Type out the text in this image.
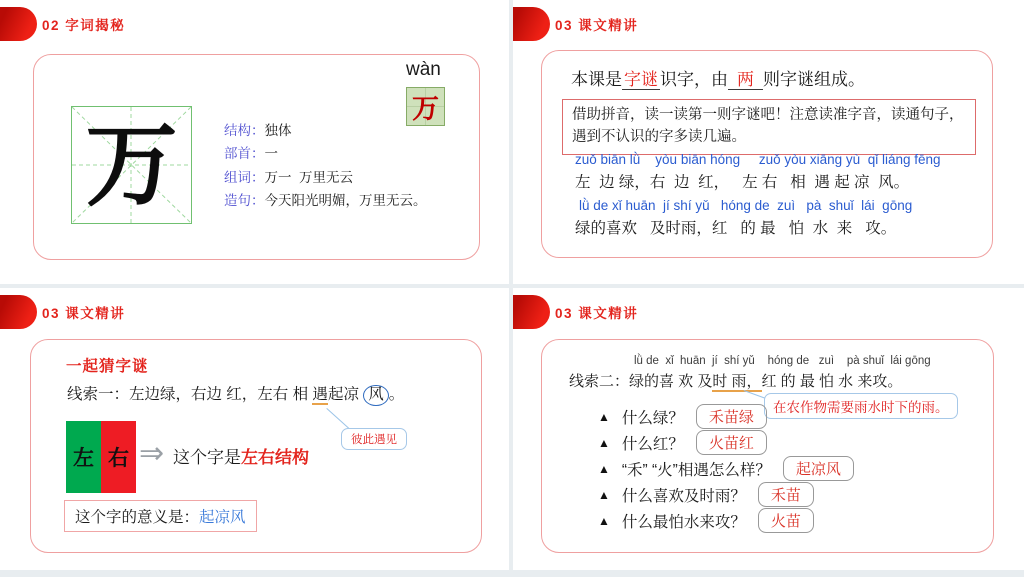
02 字词揭秘
万
wàn
万
结构： 独体
部首： 一
组词： 万一  万里无云
造句： 今天阳光明媚，万里无云。
03 课文精讲
本课是 字谜 识字，由 两 则字谜组成。
借助拼音，读一读第一则字谜吧！注意读准字音，读通句子，遇到不认识的字多读几遍。
zuǒ biān lǜ    yòu biān hóng     zuǒ yòu xiāng yù  qǐ liáng fēng
左  边 绿，右  边  红，   左 右   相  遇 起 凉  风。
lǜ de xǐ huān  jí shí yǔ   hóng de  zuì   pà  shuǐ  lái  gōng
绿的喜欢   及时雨，红   的 最   怕  水  来   攻。
03 课文精讲
一起猜字谜
线索一：左边绿，右边 红，左右 相 遇起凉 风 。
彼此遇见
左 右 ⇒ 这个字是左右结构
这个字的意义是：起凉风
03 课文精讲
lǜ de  xǐ  huān  jí  shí yǔ    hóng de   zuì    pà shuǐ  lái gōng
线索二：绿的喜 欢 及时 雨，红 的 最 怕 水 来攻。
在农作物需要雨水时下的雨。
▲ 什么绿？	禾苗绿
▲ 什么红？	火苗红
▲ “禾” “火”相遇怎么样？	起凉风
▲ 什么喜欢及时雨？	禾苗
▲ 什么最怕水来攻？	火苗
